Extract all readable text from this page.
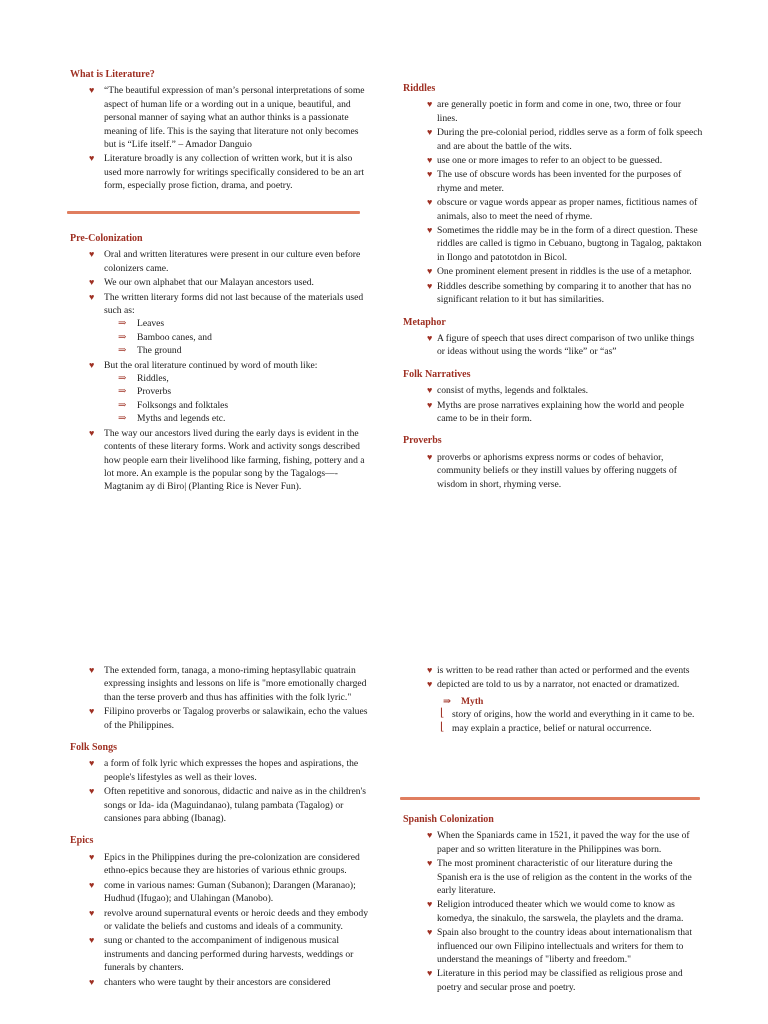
What is Literature?
♥ “The beautiful expression of man’s personal interpretations of some aspect of human life or a wording out in a unique, beautiful, and personal manner of saying what an author thinks is a passionate meaning of life. This is the saying that literature not only becomes but is “Life itself.” – Amador Danguio
♥ Literature broadly is any collection of written work, but it is also used more narrowly for writings specifically considered to be an art form, especially prose fiction, drama, and poetry.
Pre-Colonization
♥ Oral and written literatures were present in our culture even before colonizers came.
♥ We our own alphabet that our Malayan ancestors used.
♥ The written literary forms did not last because of the materials used such as:
⇒ Leaves
⇒ Bamboo canes, and
⇒ The ground
♥ But the oral literature continued by word of mouth like:
⇒ Riddles,
⇒ Proverbs
⇒ Folksongs and folktales
⇒ Myths and legends etc.
♥ The way our ancestors lived during the early days is evident in the contents of these literary forms. Work and activity songs described how people earn their livelihood like farming, fishing, pottery and a lot more. An example is the popular song by the Tagalogs—-Magtanim ay di Biro| (Planting Rice is Never Fun).
Riddles
♥ are generally poetic in form and come in one, two, three or four lines.
♥ During the pre-colonial period, riddles serve as a form of folk speech and are about the battle of the wits.
♥ use one or more images to refer to an object to be guessed.
♥ The use of obscure words has been invented for the purposes of rhyme and meter.
♥ obscure or vague words appear as proper names, fictitious names of animals, also to meet the need of rhyme.
♥ Sometimes the riddle may be in the form of a direct question. These riddles are called is tigmo in Cebuano, bugtong in Tagalog, paktakon in Ilongo and patototdon in Bicol.
♥ One prominent element present in riddles is the use of a metaphor.
♥ Riddles describe something by comparing it to another that has no significant relation to it but has similarities.
Metaphor
♥ A figure of speech that uses direct comparison of two unlike things or ideas without using the words “like” or “as”
Folk Narratives
♥ consist of myths, legends and folktales.
♥ Myths are prose narratives explaining how the world and people came to be in their form.
Proverbs
♥ proverbs or aphorisms express norms or codes of behavior, community beliefs or they instill values by offering nuggets of wisdom in short, rhyming verse.
♥ The extended form, tanaga, a mono-riming heptasyllabic quatrain expressing insights and lessons on life is "more emotionally charged than the terse proverb and thus has affinities with the folk lyric."
♥ Filipino proverbs or Tagalog proverbs or salawikain, echo the values of the Philippines.
Folk Songs
♥ a form of folk lyric which expresses the hopes and aspirations, the people's lifestyles as well as their loves.
♥ Often repetitive and sonorous, didactic and naive as in the children's songs or Ida- ida (Maguindanao), tulang pambata (Tagalog) or cansiones para abbing (Ibanag).
Epics
♥ Epics in the Philippines during the pre-colonization are considered ethno-epics because they are histories of various ethnic groups.
♥ come in various names: Guman (Subanon); Darangen (Maranao); Hudhud (Ifugao); and Ulahingan (Manobo).
♥ revolve around supernatural events or heroic deeds and they embody or validate the beliefs and customs and ideals of a community.
♥ sung or chanted to the accompaniment of indigenous musical instruments and dancing performed during harvests, weddings or funerals by chanters.
♥ chanters who were taught by their ancestors are considered
♥ is written to be read rather than acted or performed and the events
♥ depicted are told to us by a narrator, not enacted or dramatized.
⇒ Myth
⌊ story of origins, how the world and everything in it came to be.
⌊ may explain a practice, belief or natural occurrence.
Spanish Colonization
♥ When the Spaniards came in 1521, it paved the way for the use of paper and so written literature in the Philippines was born.
♥ The most prominent characteristic of our literature during the Spanish era is the use of religion as the content in the works of the early literature.
♥ Religion introduced theater which we would come to know as komedya, the sinakulo, the sarswela, the playlets and the drama.
♥ Spain also brought to the country ideas about internationalism that influenced our own Filipino intellectuals and writers for them to understand the meanings of "liberty and freedom."
♥ Literature in this period may be classified as religious prose and poetry and secular prose and poetry.
